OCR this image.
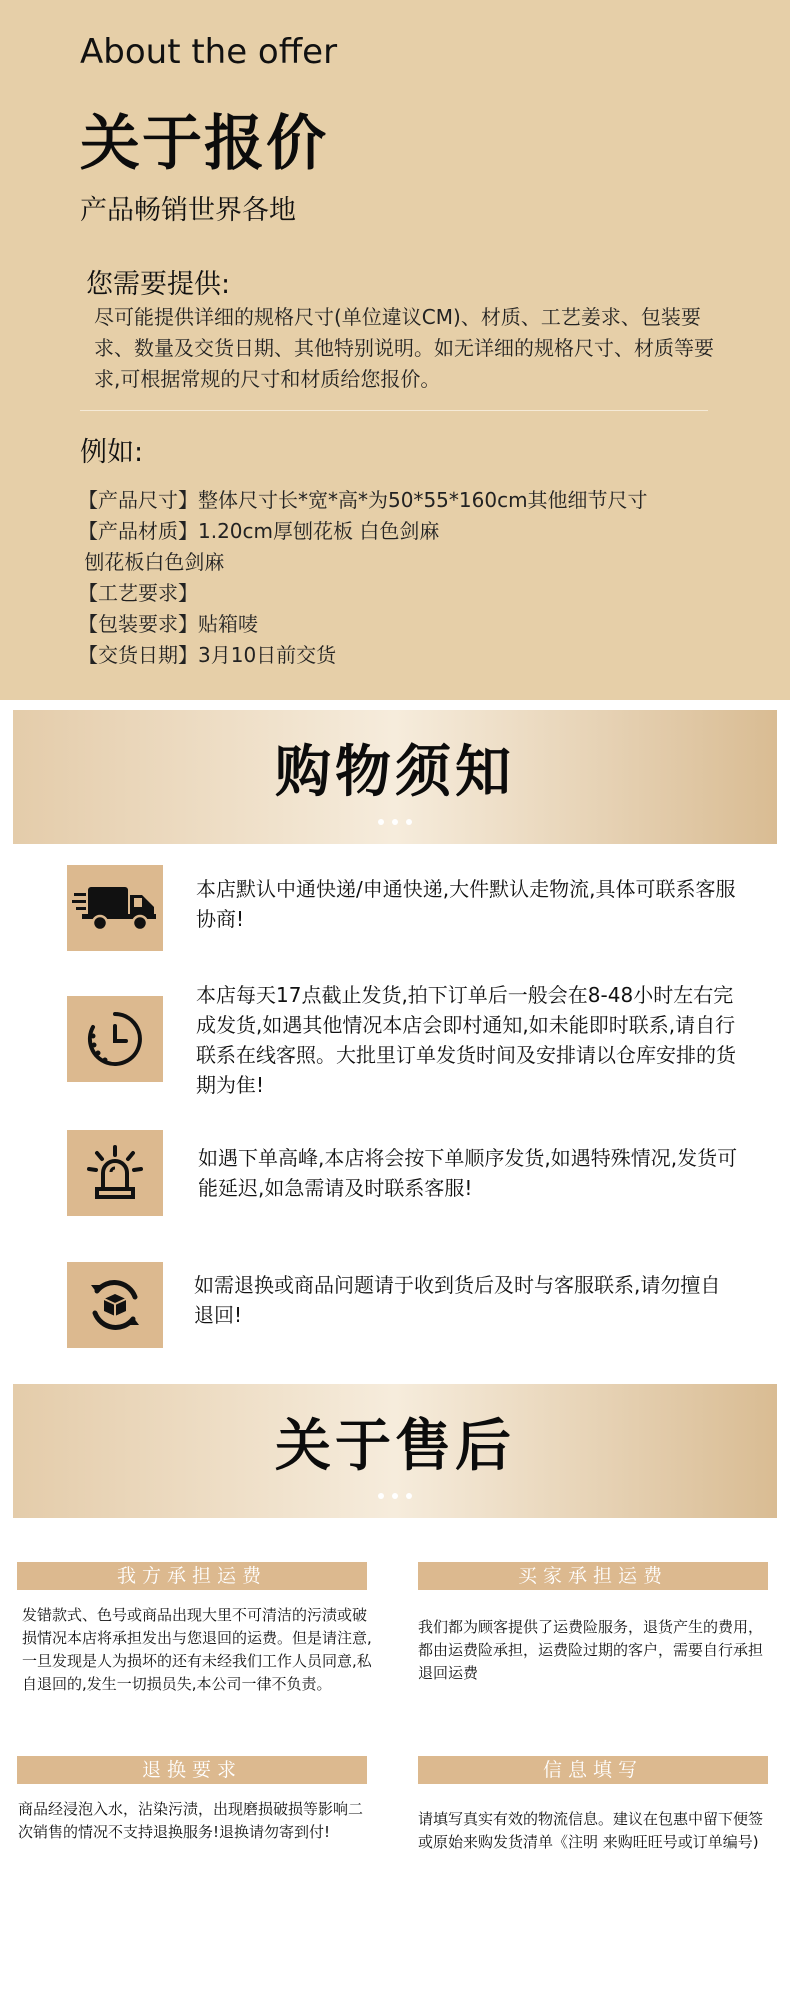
About the offer
关于报价
产品畅销世界各地
您需要提供:

尽可能提供详细的规格尺寸(单位違议CM)、材质、工艺姜求、包装要求、数量及交货日期、其他特别说明。如无详细的规格尺寸、材质等要求,可根据常规的尺寸和材质给您报价。

例如:
【产品尺寸】整体尺寸长*宽*高*为50*55*160cm其他细节尺寸
【产品材质】1.20cm厚刨花板 白色剑麻
刨花板白色剑麻
【工艺要求】
【包装要求】贴箱唛
【交货日期】3月10日前交货
购物须知
本店默认中通快递/申通快递,大件默认走物流,具体可联系客服协商!
本店每天17点截止发货,拍下订单后一般会在8-48小时左右完成发货,如遇其他情况本店会即村通知,如未能即时联系,请自行联系在线客照。大批里订单发货时间及安排请以仓库安排的货期为隹!
如遇下单高峰,本店将会按下单顺序发货,如遇特殊情况,发货可能延迟,如急需请及时联系客服!
如需退换或商品问题请于收到货后及时与客服联系,请勿擅自退回!
关于售后
我方承担运费
发错款式、色号或商品出现大里不可清洁的污渍或破损情况本店将承担发出与您退回的运费。但是请注意,一旦发现是人为损坏的还有未经我们工作人员同意,私自退回的,发生一切损员失,本公司一律不负责。
买家承担运费
我们都为顾客提供了运费险服务，退货产生的费用，都由运费险承担，运费险过期的客户，需要自行承担退回运费
退换要求
商品经浸泡入水，沾染污渍，出现磨损破损等影响二次销售的情况不支持退换服务!退换请勿寄到付!
信息填写
请填写真实有效的物流信息。建议在包惠中留下便签或原始来购发货清单《注明 来购旺旺号或订单编号)
